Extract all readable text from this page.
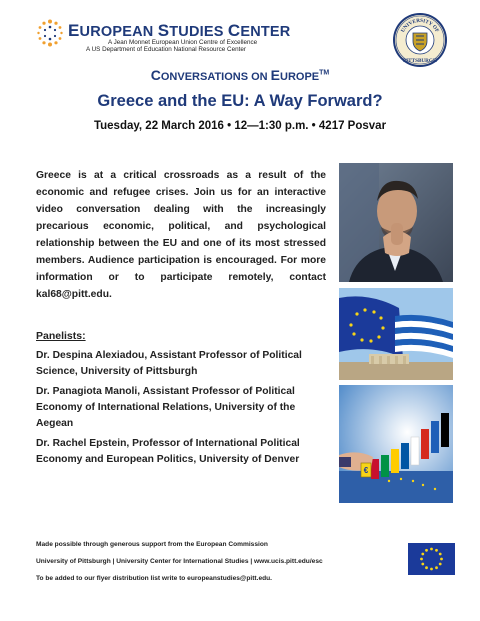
EUROPEAN STUDIES CENTER
A Jean Monnet European Union Centre of Excellence
A US Department of Education National Resource Center
UNIVERSITY OF
PITTSBURGH
CONVERSATIONS ON EUROPE™
Greece and the EU: A Way Forward?
Tuesday, 22 March 2016 • 12—1:30 p.m. • 4217 Posvar
Greece is at a critical crossroads as a result of the economic and refugee crises. Join us for an interactive video conversation dealing with the increasingly precarious economic, political, and psychological relationship between the EU and one of its most stressed members. Audience participation is encouraged. For more information or to participate remotely, contact kal68@pitt.edu.
Panelists:
Dr. Despina Alexiadou, Assistant Professor of Political Science, University of Pittsburgh
Dr. Panagiota Manoli, Assistant Professor of Political Economy of International Relations, University of the Aegean
Dr. Rachel Epstein, Professor of International Political Economy and European Politics, University of Denver
€
Made possible through generous support from the European Commission
University of Pittsburgh | University Center for International Studies | www.ucis.pitt.edu/esc
To be added to our flyer distribution list write to europeanstudies@pitt.edu.
